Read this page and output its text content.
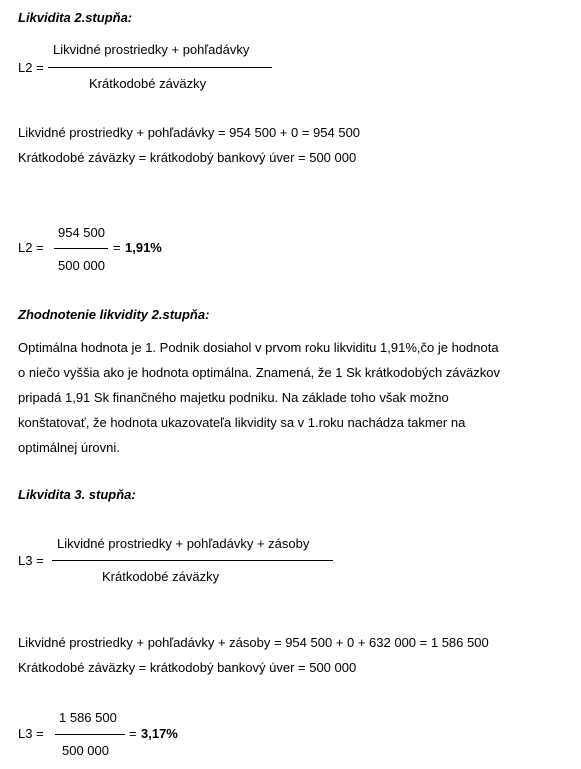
Likvidita 2.stupňa:
L2 =
Likvidné prostriedky + pohľadávky
Krátkodobé záväzky
Likvidné prostriedky + pohľadávky = 954 500 + 0 = 954 500
Krátkodobé záväzky = krátkodobý bankový úver = 500 000
L2 =
954 500
500 000
= 1,91%
Zhodnotenie likvidity 2.stupňa:
Optimálna hodnota je 1. Podnik dosiahol v prvom roku likviditu 1,91%,čo je hodnota
o niečo vyššia ako je hodnota optimálna. Znamená, že 1 Sk krátkodobých záväzkov
pripadá 1,91 Sk finančného majetku podniku. Na základe toho však možno
konštatovať, že hodnota ukazovateľa likvidity sa v 1.roku nachádza takmer na
optimálnej úrovni.
Likvidita 3. stupňa:
L3 =
Likvidné prostriedky + pohľadávky + zásoby
Krátkodobé záväzky
Likvidné prostriedky + pohľadávky + zásoby = 954 500 + 0 + 632 000 = 1 586 500
Krátkodobé záväzky = krátkodobý bankový úver = 500 000
L3 =
1 586 500
500 000
= 3,17%
